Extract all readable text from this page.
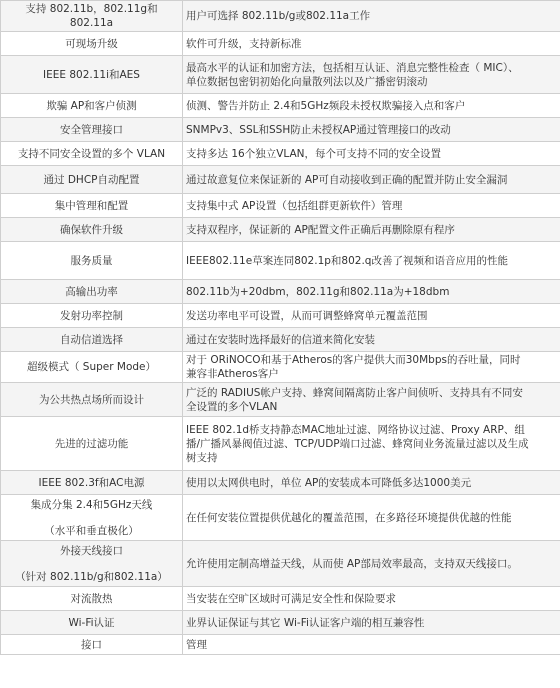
支持 802.11b，802.11g和
802.11a	用户可选择 802.11b/g或802.11a工作

可现场升级	软件可升级，支持新标准

IEEE 802.11i和AES	最高水平的认证和加密方法，包括相互认证、消息完整性检查（ MIC）、
单位数据包密钥初始化向量散列法以及广播密钥滚动

欺骗 AP和客户侦测	侦测、警告并防止 2.4和5GHz频段未授权欺骗接入点和客户

安全管理接口	SNMPv3、SSL和SSH防止未授权AP通过管理接口的改动

支持不同安全设置的多个 VLAN	支持多达 16个独立VLAN，每个可支持不同的安全设置

通过 DHCP自动配置	通过故意复位来保证新的 AP可自动接收到正确的配置并防止安全漏洞

集中管理和配置	支持集中式 AP设置（包括组群更新软件）管理

确保软件升级	支持双程序，保证新的 AP配置文件正确后再删除原有程序

服务质量	IEEE802.11e草案连同802.1p和802.q改善了视频和语音应用的性能

高输出功率	802.11b为+20dbm，802.11g和802.11a为+18dbm

发射功率控制	发送功率电平可设置，从而可调整蜂窝单元覆盖范围

自动信道选择	通过在安装时选择最好的信道来简化安装

超级模式（ Super Mode）	对于 ORiNOCO和基于Atheros的客户提供大而30Mbps的吞吐量，同时
兼容非Atheros客户

为公共热点场所而设计	广泛的 RADIUS帐户支持、蜂窝间隔离防止客户间侦听、支持具有不同安
全设置的多个VLAN

先进的过滤功能	IEEE 802.1d桥支持静态MAC地址过滤、网络协议过滤、Proxy ARP、组
播/广播风暴阀值过滤、TCP/UDP端口过滤、蜂窝间业务流量过滤以及生成
树支持

IEEE 802.3f和AC电源	使用以太网供电时，单位 AP的安装成本可降低多达1000美元

集成分集 2.4和5GHz天线
（水平和垂直极化）	在任何安装位置提供优越化的覆盖范围，在多路径环境提供优越的性能

外接天线接口
（针对 802.11b/g和802.11a）	允许使用定制高增益天线，从而使 AP部局效率最高，支持双天线接口。

对流散热	当安装在空旷区域时可满足安全性和保险要求

Wi-Fi认证	业界认证保证与其它 Wi-Fi认证客户端的相互兼容性

接口	管理
